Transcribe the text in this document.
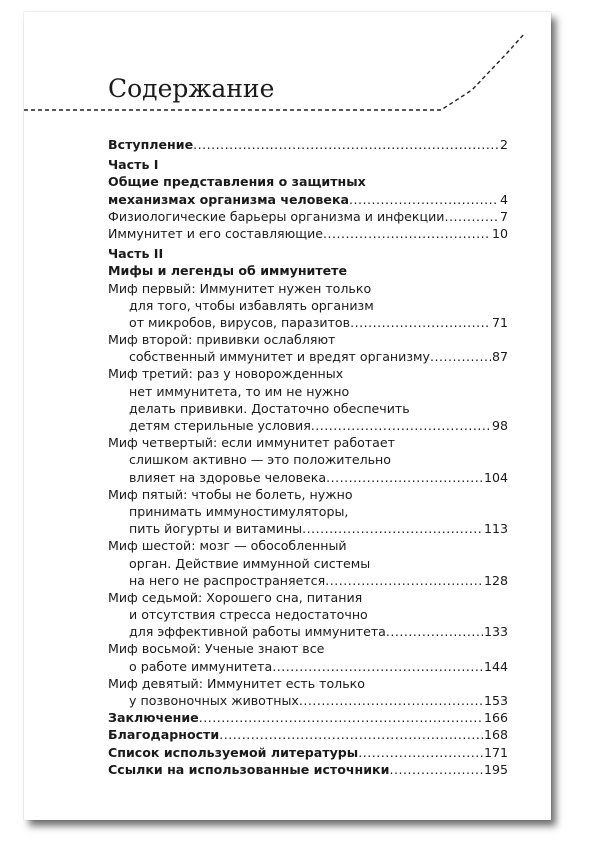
Содержание
Вступление .....	2
Часть I
Общие представления о защитных
механизмах организма человека .....	4
Физиологические барьеры организма и инфекции .....	7
Иммунитет и его составляющие .....	10
Часть II
Мифы и легенды об иммунитете
Миф первый: Иммунитет нужен только
для того, чтобы избавлять организм
от микробов, вирусов, паразитов .....	71
Миф второй: прививки ослабляют
собственный иммунитет и вредят организму .....	87
Миф третий: раз у новорожденных
нет иммунитета, то им не нужно
делать прививки. Достаточно обеспечить
детям стерильные условия .....	98
Миф четвертый: если иммунитет работает
слишком активно — это положительно
влияет на здоровье человека .....	104
Миф пятый: чтобы не болеть, нужно
принимать иммуностимуляторы,
пить йогурты и витамины .....	113
Миф шестой: мозг — обособленный
орган. Действие иммунной системы
на него не распространяется .....	128
Миф седьмой: Хорошего сна, питания
и отсутствия стресса недостаточно
для эффективной работы иммунитета .....	133
Миф восьмой: Ученые знают все
о работе иммунитета .....	144
Миф девятый: Иммунитет есть только
у позвоночных животных .....	153
Заключение .....	166
Благодарности .....	168
Список используемой литературы .....	171
Ссылки на использованные источники .....	195
